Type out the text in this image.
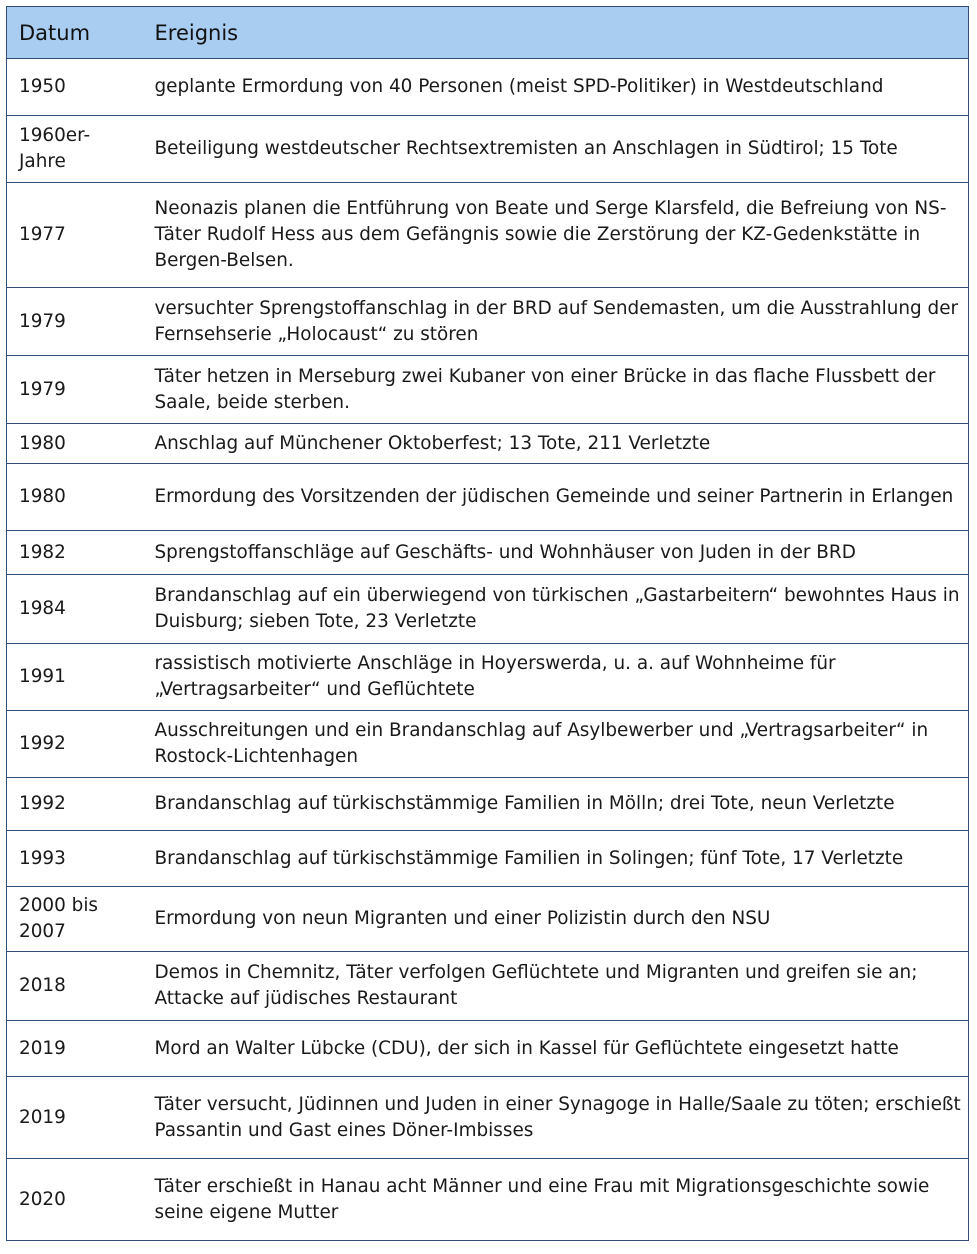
Datum	Ereignis
1950	geplante Ermordung von 40 Personen (meist SPD-Politiker) in Westdeutschland
1960er-Jahre	Beteiligung westdeutscher Rechtsextremisten an Anschlagen in Südtirol; 15 Tote
1977	Neonazis planen die Entführung von Beate und Serge Klarsfeld, die Befreiung von NS-Täter Rudolf Hess aus dem Gefängnis sowie die Zerstörung der KZ-Gedenkstätte in Bergen-Belsen.
1979	versuchter Sprengstoffanschlag in der BRD auf Sendemasten, um die Ausstrahlung der Fernsehserie „Holocaust“ zu stören
1979	Täter hetzen in Merseburg zwei Kubaner von einer Brücke in das flache Flussbett der Saale, beide sterben.
1980	Anschlag auf Münchener Oktoberfest; 13 Tote, 211 Verletzte
1980	Ermordung des Vorsitzenden der jüdischen Gemeinde und seiner Partnerin in Erlangen
1982	Sprengstoffanschläge auf Geschäfts- und Wohnhäuser von Juden in der BRD
1984	Brandanschlag auf ein überwiegend von türkischen „Gastarbeitern“ bewohntes Haus in Duisburg; sieben Tote, 23 Verletzte
1991	rassistisch motivierte Anschläge in Hoyerswerda, u. a. auf Wohnheime für „Vertragsarbeiter“ und Geflüchtete
1992	Ausschreitungen und ein Brandanschlag auf Asylbewerber und „Vertragsarbeiter“ in Rostock-Lichtenhagen
1992	Brandanschlag auf türkischstämmige Familien in Mölln; drei Tote, neun Verletzte
1993	Brandanschlag auf türkischstämmige Familien in Solingen; fünf Tote, 17 Verletzte
2000 bis 2007	Ermordung von neun Migranten und einer Polizistin durch den NSU
2018	Demos in Chemnitz, Täter verfolgen Geflüchtete und Migranten und greifen sie an; Attacke auf jüdisches Restaurant
2019	Mord an Walter Lübcke (CDU), der sich in Kassel für Geflüchtete eingesetzt hatte
2019	Täter versucht, Jüdinnen und Juden in einer Synagoge in Halle/Saale zu töten; erschießt Passantin und Gast eines Döner-Imbisses
2020	Täter erschießt in Hanau acht Männer und eine Frau mit Migrationsgeschichte sowie seine eigene Mutter
